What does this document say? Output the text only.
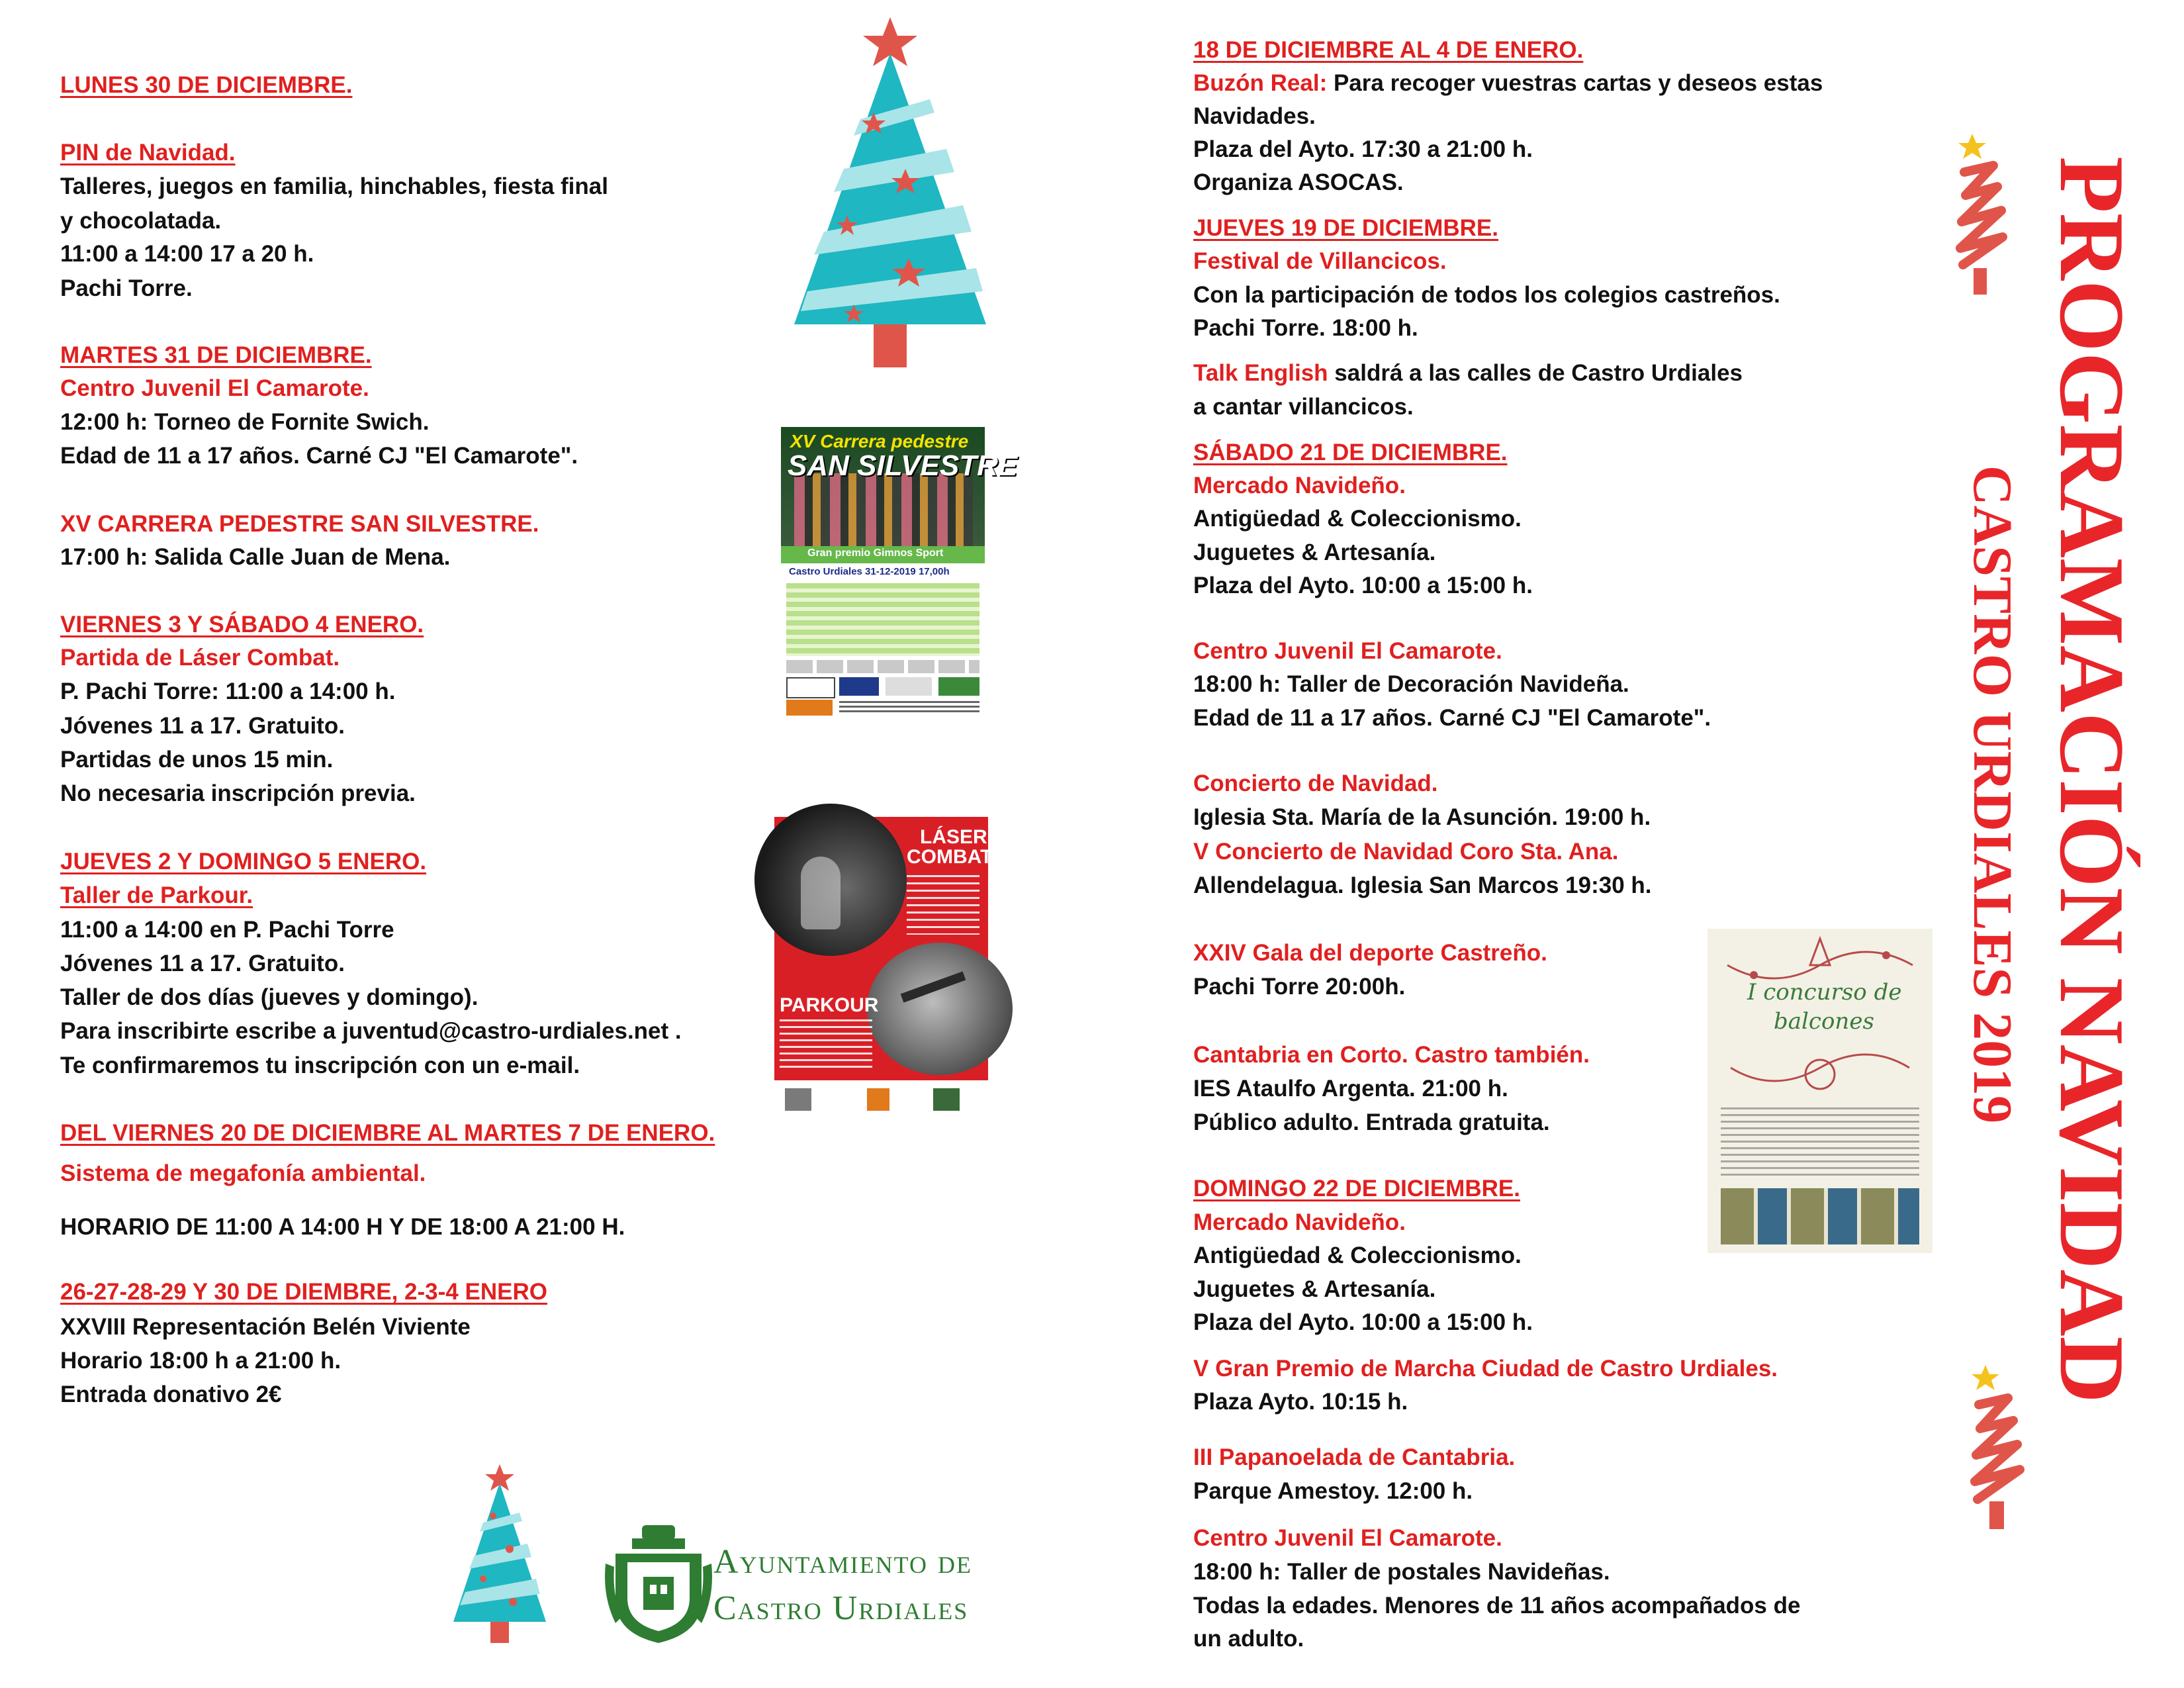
LUNES 30 DE DICIEMBRE.
PIN de Navidad.
Talleres, juegos en familia, hinchables, fiesta final
y chocolatada.
11:00 a 14:00 17 a 20 h.
Pachi Torre.
MARTES 31 DE DICIEMBRE.
Centro Juvenil El Camarote.
12:00 h: Torneo de Fornite Swich.
Edad de 11 a 17 años. Carné CJ "El Camarote".
XV CARRERA PEDESTRE SAN SILVESTRE.
17:00 h: Salida Calle Juan de Mena.
VIERNES 3 Y SÁBADO 4 ENERO.
Partida de Láser Combat.
P. Pachi Torre: 11:00 a 14:00 h.
Jóvenes 11 a 17. Gratuito.
Partidas de unos 15 min.
No necesaria inscripción previa.
JUEVES 2 Y DOMINGO 5 ENERO.
Taller de Parkour.
11:00 a 14:00 en P. Pachi Torre
Jóvenes 11 a 17. Gratuito.
Taller de dos días (jueves y domingo).
Para inscribirte escribe a juventud@castro-urdiales.net .
Te confirmaremos tu inscripción con un e-mail.
DEL VIERNES 20 DE DICIEMBRE AL MARTES 7 DE ENERO.
Sistema de megafonía ambiental.
HORARIO DE 11:00 A 14:00 H Y DE 18:00 A 21:00 H.
26-27-28-29 Y 30 DE DIEMBRE, 2-3-4 ENERO
XXVIII Representación Belén Viviente
Horario 18:00 h a 21:00 h.
Entrada donativo 2€
18 DE DICIEMBRE AL 4 DE ENERO.
Buzón Real: Para recoger vuestras cartas y deseos estas
Navidades.
Plaza del Ayto. 17:30 a 21:00 h.
Organiza ASOCAS.
JUEVES 19 DE DICIEMBRE.
Festival de Villancicos.
Con la participación de todos los colegios castreños.
Pachi Torre. 18:00 h.
Talk English saldrá a las calles de Castro Urdiales
a cantar villancicos.
SÁBADO 21 DE DICIEMBRE.
Mercado Navideño.
Antigüedad & Coleccionismo.
Juguetes & Artesanía.
Plaza del Ayto. 10:00 a 15:00 h.
Centro Juvenil El Camarote.
18:00 h: Taller de Decoración Navideña.
Edad de 11 a 17 años. Carné CJ "El Camarote".
Concierto de Navidad.
Iglesia Sta. María de la Asunción. 19:00 h.
V Concierto de Navidad Coro Sta. Ana.
Allendelagua. Iglesia San Marcos 19:30 h.
XXIV Gala del deporte Castreño.
Pachi Torre 20:00h.
Cantabria en Corto. Castro también.
IES Ataulfo Argenta. 21:00 h.
Público adulto. Entrada gratuita.
DOMINGO 22 DE DICIEMBRE.
Mercado Navideño.
Antigüedad & Coleccionismo.
Juguetes & Artesanía.
Plaza del Ayto. 10:00 a 15:00 h.
V Gran Premio de Marcha Ciudad de Castro Urdiales.
Plaza Ayto. 10:15 h.
III Papanoelada de Cantabria.
Parque Amestoy. 12:00 h.
Centro Juvenil El Camarote.
18:00 h: Taller de postales Navideñas.
Todas la edades. Menores de 11 años acompañados de
un adulto.
XV Carrera pedestre
SAN SILVESTRE
Gran premio Gimnos Sport
Castro Urdiales 31-12-2019 17,00h
LÁSER
COMBAT
PARKOUR	I concurso de
balcones
Ayuntamiento de
Castro Urdiales
PROGRAMACIÓN NAVIDAD
CASTRO URDIALES 2019
